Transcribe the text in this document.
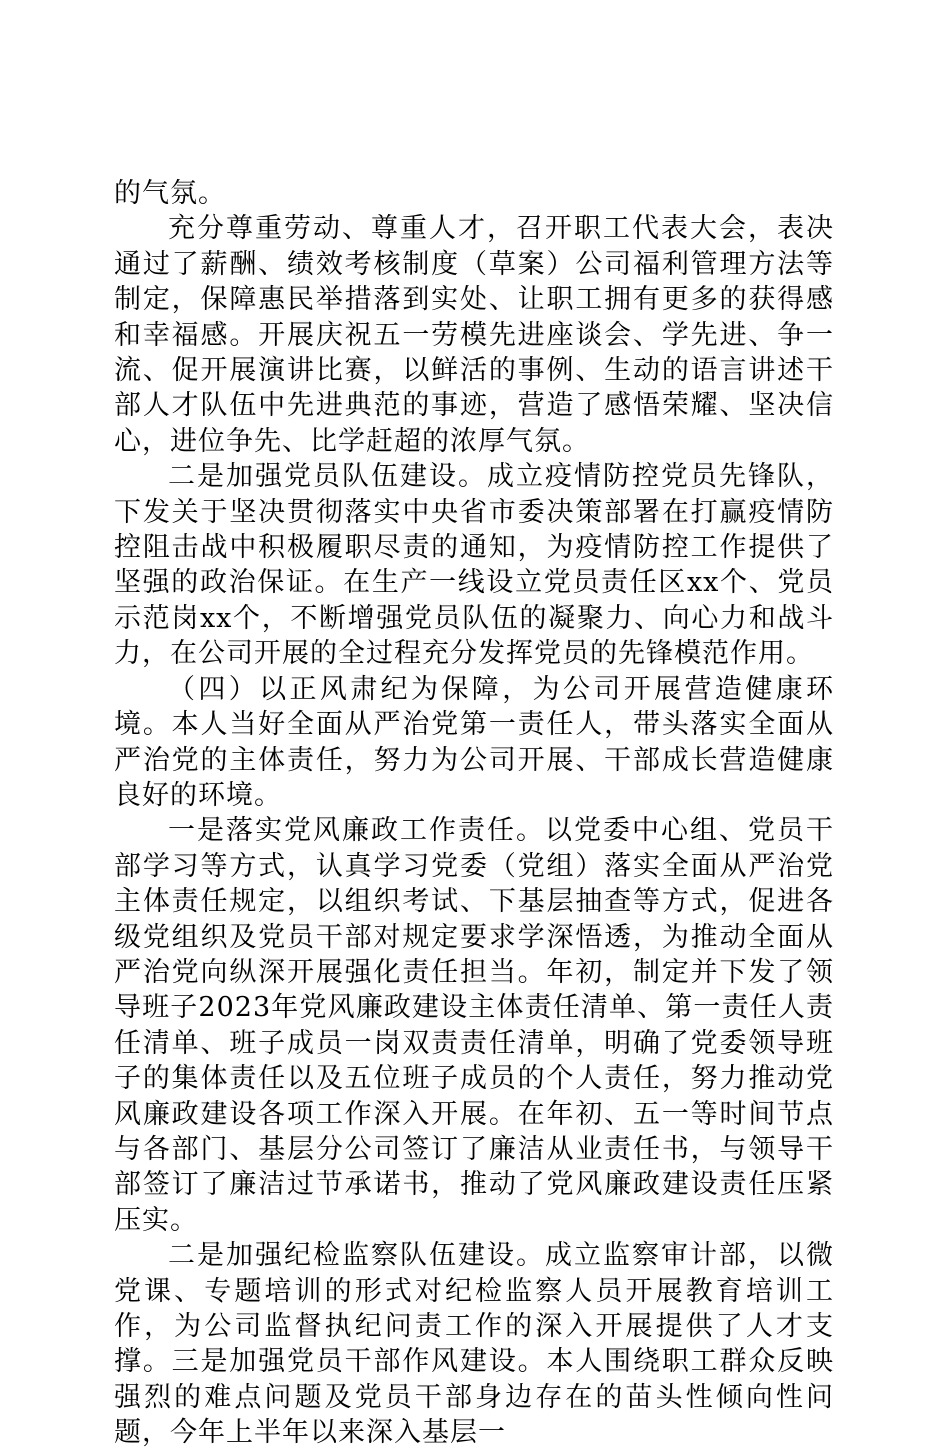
的气氛。

充分尊重劳动、尊重人才，召开职工代表大会，表决通过了薪酬、绩效考核制度（草案）公司福利管理方法等制定，保障惠民举措落到实处、让职工拥有更多的获得感和幸福感。开展庆祝五一劳模先进座谈会、学先进、争一流、促开展演讲比赛，以鲜活的事例、生动的语言讲述干部人才队伍中先进典范的事迹，营造了感悟荣耀、坚决信心，进位争先、比学赶超的浓厚气氛。

二是加强党员队伍建设。成立疫情防控党员先锋队，下发关于坚决贯彻落实中央省市委决策部署在打赢疫情防控阻击战中积极履职尽责的通知，为疫情防控工作提供了坚强的政治保证。在生产一线设立党员责任区xx个、党员示范岗xx个，不断增强党员队伍的凝聚力、向心力和战斗力，在公司开展的全过程充分发挥党员的先锋模范作用。

（四）以正风肃纪为保障，为公司开展营造健康环境。本人当好全面从严治党第一责任人，带头落实全面从严治党的主体责任，努力为公司开展、干部成长营造健康良好的环境。

一是落实党风廉政工作责任。以党委中心组、党员干部学习等方式，认真学习党委（党组）落实全面从严治党主体责任规定，以组织考试、下基层抽查等方式，促进各级党组织及党员干部对规定要求学深悟透，为推动全面从严治党向纵深开展强化责任担当。年初，制定并下发了领导班子2023年党风廉政建设主体责任清单、第一责任人责任清单、班子成员一岗双责责任清单，明确了党委领导班子的集体责任以及五位班子成员的个人责任，努力推动党风廉政建设各项工作深入开展。在年初、五一等时间节点与各部门、基层分公司签订了廉洁从业责任书，与领导干部签订了廉洁过节承诺书，推动了党风廉政建设责任压紧压实。

二是加强纪检监察队伍建设。成立监察审计部，以微党课、专题培训的形式对纪检监察人员开展教育培训工作，为公司监督执纪问责工作的深入开展提供了人才支撑。三是加强党员干部作风建设。本人围绕职工群众反映强烈的难点问题及党员干部身边存在的苗头性倾向性问题，今年上半年以来深入基层一
